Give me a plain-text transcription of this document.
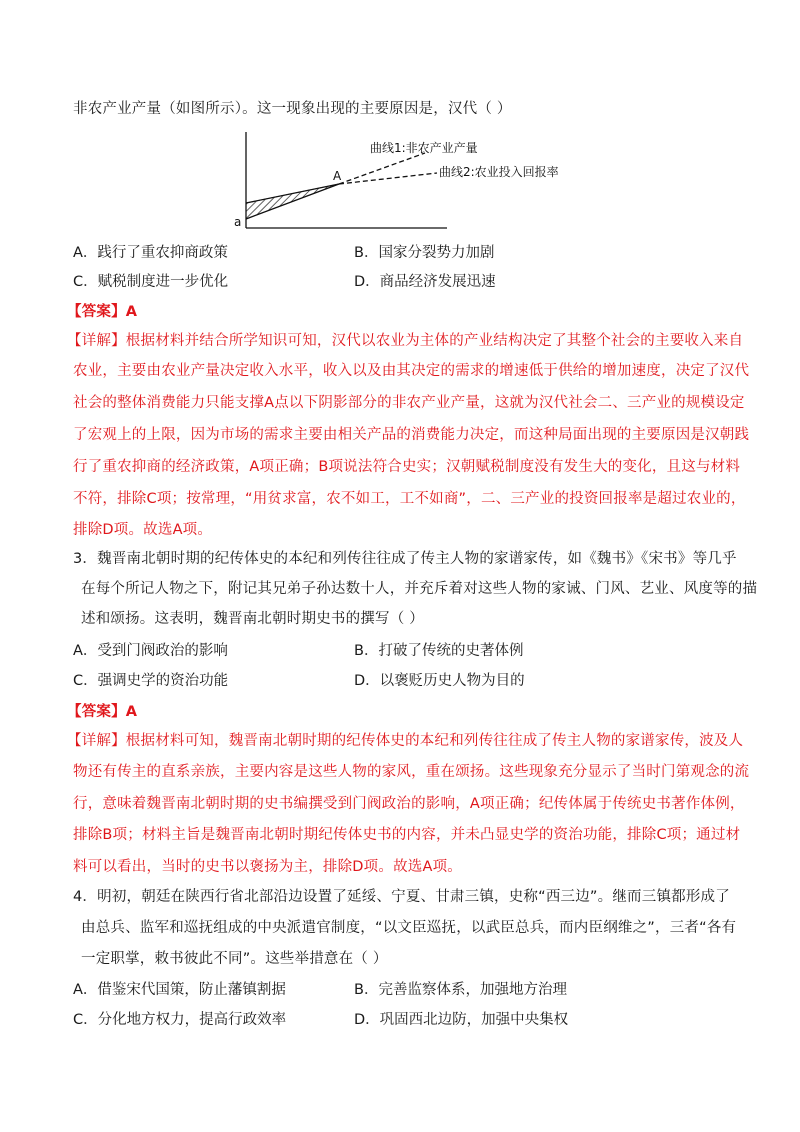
非农产业产量（如图所示）。这一现象出现的主要原因是，汉代（ ）
曲线1:非农产业产量
曲线2:农业投入回报率
A
a
A．践行了重农抑商政策	B．国家分裂势力加剧
C．赋税制度进一步优化	D．商品经济发展迅速
【答案】A
【详解】根据材料并结合所学知识可知，汉代以农业为主体的产业结构决定了其整个社会的主要收入来自
农业，主要由农业产量决定收入水平，收入以及由其决定的需求的增速低于供给的增加速度，决定了汉代
社会的整体消费能力只能支撑A点以下阴影部分的非农产业产量，这就为汉代社会二、三产业的规模设定
了宏观上的上限，因为市场的需求主要由相关产品的消费能力决定，而这种局面出现的主要原因是汉朝践
行了重农抑商的经济政策，A项正确；B项说法符合史实；汉朝赋税制度没有发生大的变化，且这与材料
不符，排除C项；按常理，“用贫求富，农不如工，工不如商”，二、三产业的投资回报率是超过农业的，
排除D项。故选A项。
3．魏晋南北朝时期的纪传体史的本纪和列传往往成了传主人物的家谱家传，如《魏书》《宋书》等几乎
在每个所记人物之下，附记其兄弟子孙达数十人，并充斥着对这些人物的家诫、门风、艺业、风度等的描
述和颂扬。这表明，魏晋南北朝时期史书的撰写（ ）
A．受到门阀政治的影响	B．打破了传统的史著体例
C．强调史学的资治功能	D．以褒贬历史人物为目的
【答案】A
【详解】根据材料可知，魏晋南北朝时期的纪传体史的本纪和列传往往成了传主人物的家谱家传，波及人
物还有传主的直系亲族，主要内容是这些人物的家风，重在颂扬。这些现象充分显示了当时门第观念的流
行，意味着魏晋南北朝时期的史书编撰受到门阀政治的影响，A项正确；纪传体属于传统史书著作体例，
排除B项；材料主旨是魏晋南北朝时期纪传体史书的内容，并未凸显史学的资治功能，排除C项；通过材
料可以看出，当时的史书以褒扬为主，排除D项。故选A项。
4．明初，朝廷在陕西行省北部沿边设置了延绥、宁夏、甘肃三镇，史称“西三边”。继而三镇都形成了
由总兵、监军和巡抚组成的中央派遣官制度，“以文臣巡抚，以武臣总兵，而内臣纲维之”，三者“各有
一定职掌，敕书彼此不同”。这些举措意在（ ）
A．借鉴宋代国策，防止藩镇割据	B．完善监察体系，加强地方治理
C．分化地方权力，提高行政效率	D．巩固西北边防，加强中央集权
